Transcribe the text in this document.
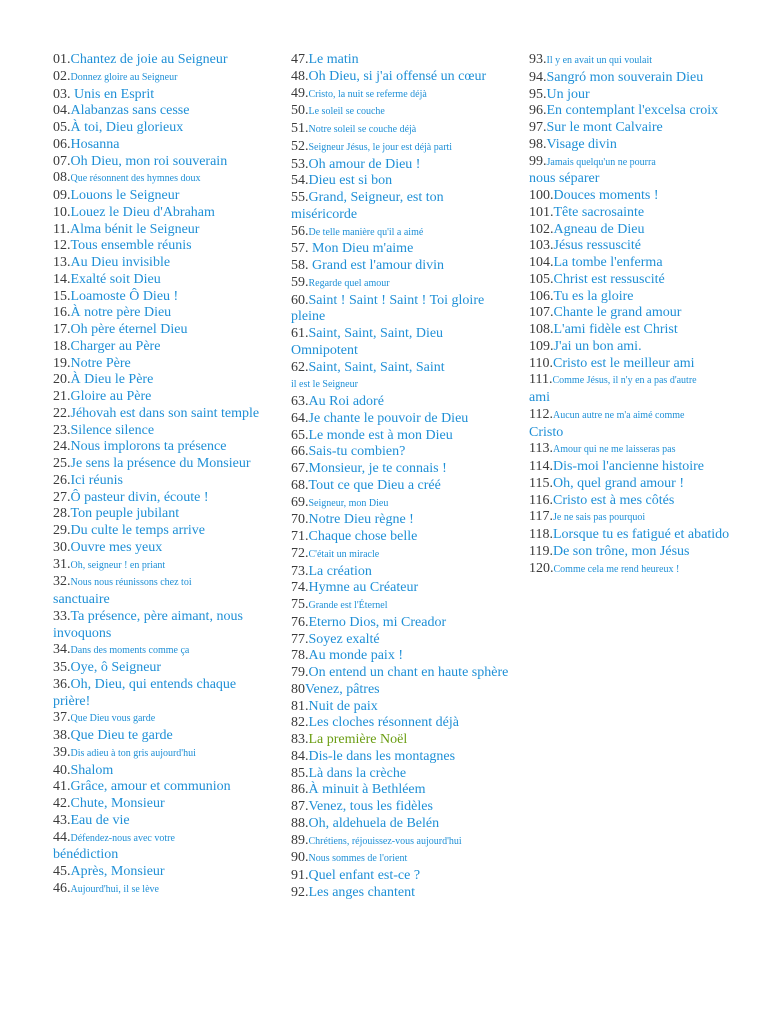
01.Chantez de joie au Seigneur
02.Donnez gloire au Seigneur
03. Unis en Esprit
04.Alabanzas sans cesse
05.À toi, Dieu glorieux
06.Hosanna
07.Oh Dieu, mon roi souverain
08.Que résonnent des hymnes doux
09.Louons le Seigneur
10.Louez le Dieu d'Abraham
11.Alma bénit le Seigneur
12.Tous ensemble réunis
13.Au Dieu invisible
14.Exalté soit Dieu
15.Loamoste Ô Dieu !
16.À notre père Dieu
17.Oh père éternel Dieu
18.Charger au Père
19.Notre Père
20.À Dieu le Père
21.Gloire au Père
22.Jéhovah est dans son saint temple
23.Silence silence
24.Nous implorons ta présence
25.Je sens la présence du Monsieur
26.Ici réunis
27.Ô pasteur divin, écoute !
28.Ton peuple jubilant
29.Du culte le temps arrive
30.Ouvre mes yeux
31.Oh, seigneur ! en priant
32.Nous nous réunissons chez toi
sanctuaire
33.Ta présence, père aimant, nous invoquons
34.Dans des moments comme ça
35.Oye, ô Seigneur
36.Oh, Dieu, qui entends chaque prière!
37.Que Dieu vous garde
38.Que Dieu te garde
39.Dis adieu à ton gris aujourd'hui
40.Shalom
41.Grâce, amour et communion
42.Chute, Monsieur
43.Eau de vie
44.Défendez-nous avec votre
bénédiction
45.Après, Monsieur
46.Aujourd'hui, il se lève
47.Le matin
48.Oh Dieu, si j'ai offensé un cœur
49.Cristo, la nuit se referme déjà
50.Le soleil se couche
51.Notre soleil se couche déjà
52.Seigneur Jésus, le jour est déjà parti
53.Oh amour de Dieu !
54.Dieu est si bon
55.Grand, Seigneur, est ton miséricorde
56.De telle manière qu'il a aimé
57. Mon Dieu m'aime
58. Grand est l'amour divin
59.Regarde quel amour
60.Saint ! Saint ! Saint ! Toi gloire pleine
61.Saint, Saint, Saint, Dieu Omnipotent
62.Saint, Saint, Saint, Saint
il est le Seigneur
63.Au Roi adoré
64.Je chante le pouvoir de Dieu
65.Le monde est à mon Dieu
66.Sais-tu combien?
67.Monsieur, je te connais !
68.Tout ce que Dieu a créé
69.Seigneur, mon Dieu
70.Notre Dieu règne !
71.Chaque chose belle
72.C'était un miracle
73.La création
74.Hymne au Créateur
75.Grande est l'Éternel
76.Eterno Dios, mi Creador
77.Soyez exalté
78.Au monde paix !
79.On entend un chant en haute sphère
80Venez, pâtres
81.Nuit de paix
82.Les cloches résonnent déjà
83.La première Noël
84.Dis-le dans les montagnes
85.Là dans la crèche
86.À minuit à Bethléem
87.Venez, tous les fidèles
88.Oh, aldehuela de Belén
89.Chrétiens, réjouissez-vous aujourd'hui
90.Nous sommes de l'orient
91.Quel enfant est-ce ?
92.Les anges chantent
93.Il y en avait un qui voulait
94.Sangró mon souverain Dieu
95.Un jour
96.En contemplant l'excelsa croix
97.Sur le mont Calvaire
98.Visage divin
99.Jamais quelqu'un ne pourra
nous séparer
100.Douces moments !
101.Tête sacrosainte
102.Agneau de Dieu
103.Jésus ressuscité
104.La tombe l'enferma
105.Christ est ressuscité
106.Tu es la gloire
107.Chante le grand amour
108.L'ami fidèle est Christ
109.J'ai un bon ami.
110.Cristo est le meilleur ami
111.Comme Jésus, il n'y en a pas d'autre
ami
112.Aucun autre ne m'a aimé comme
Cristo
113.Amour qui ne me laisseras pas
114.Dis-moi l'ancienne histoire
115.Oh, quel grand amour !
116.Cristo est à mes côtés
117.Je ne sais pas pourquoi
118.Lorsque tu es fatigué et abatido
119.De son trône, mon Jésus
120.Comme cela me rend heureux !
